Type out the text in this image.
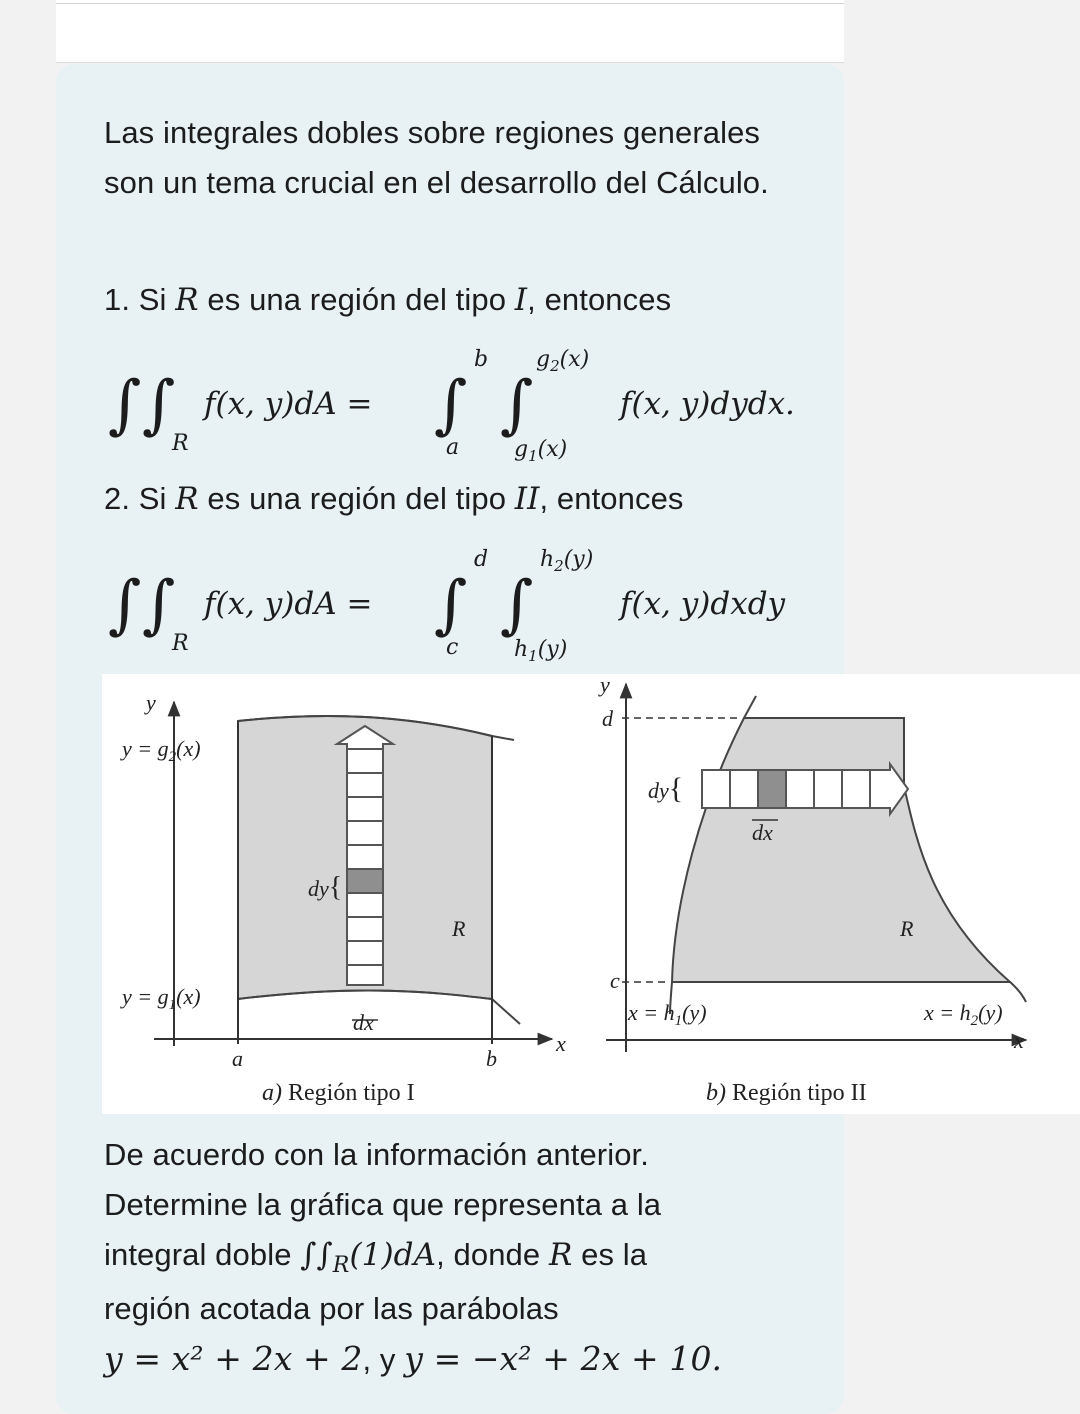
Las integrales dobles sobre regiones generales son un tema crucial en el desarrollo del Cálculo.

1. Si R es una región del tipo I, entonces

∫ ∫
R
f(x, y)dA = ∫
a
b
∫
$g_1(x)$
$g_2(x)$
f(x, y)dydx.

2. Si R es una región del tipo II, entonces

∫ ∫
R
f(x, y)dA = ∫
c
d
∫
$h_1(y)$
$h_2(y)$
f(x, y)dxdy
y
x
$y = g_2(x)$
$y = g_1(x)$
dy{
dx
R
a	b
a) Región tipo I
y
d
c
dy{
dx
R
$x = h_1(y)$	$x = h_2(y)$
x
b) Región tipo II

De acuerdo con la información anterior.

Determine la gráfica que representa a la

integral doble $\int\int_R(1)dA$, donde R es la

región acotada por las parábolas

y = x² + 2x + 2, y y = −x² + 2x + 10.
